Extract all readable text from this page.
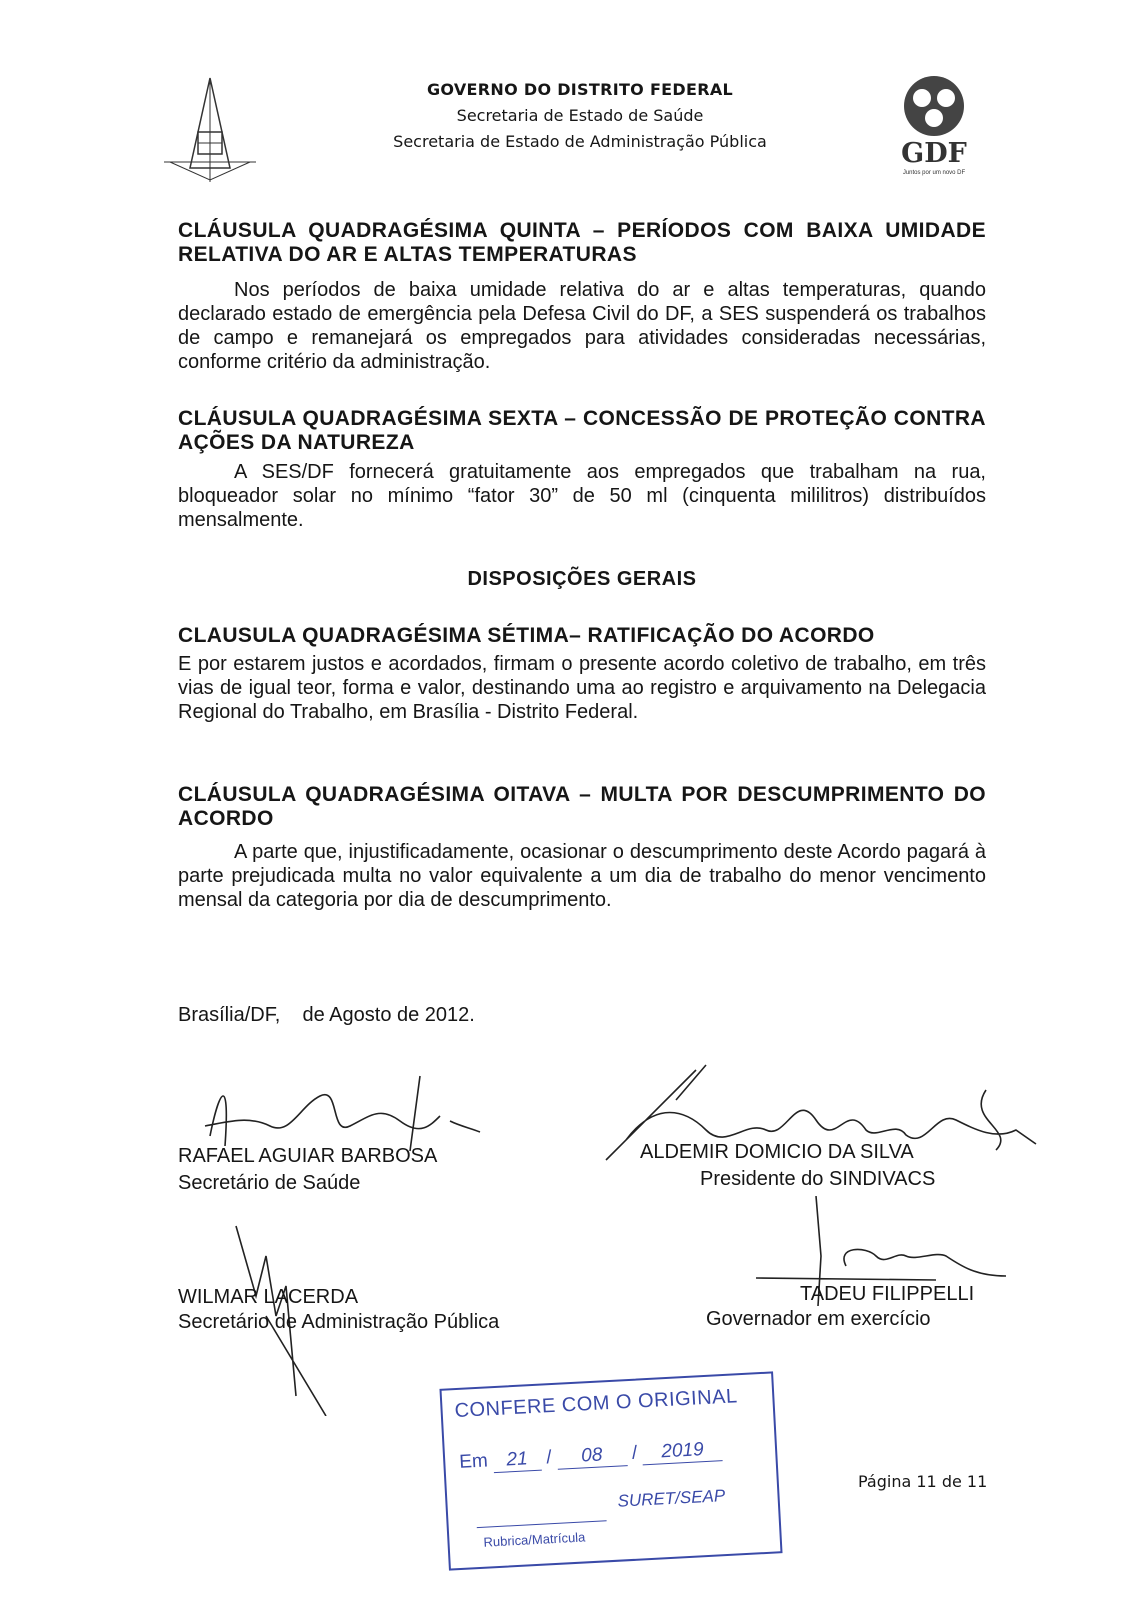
GOVERNO DO DISTRITO FEDERAL
Secretaria de Estado de Saúde
Secretaria de Estado de Administração Pública	GDF
Juntos por um novo DF
CLÁUSULA QUADRAGÉSIMA QUINTA – PERÍODOS COM BAIXA UMIDADE RELATIVA DO AR E ALTAS TEMPERATURAS
Nos períodos de baixa umidade relativa do ar e altas temperaturas, quando declarado estado de emergência pela Defesa Civil do DF, a SES suspenderá os trabalhos de campo e remanejará os empregados para atividades consideradas necessárias, conforme critério da administração.
CLÁUSULA QUADRAGÉSIMA SEXTA – CONCESSÃO DE PROTEÇÃO CONTRA AÇÕES DA NATUREZA
A SES/DF fornecerá gratuitamente aos empregados que trabalham na rua, bloqueador solar no mínimo “fator 30” de 50 ml (cinquenta mililitros) distribuídos mensalmente.
DISPOSIÇÕES GERAIS
CLAUSULA QUADRAGÉSIMA SÉTIMA– RATIFICAÇÃO DO ACORDO
E por estarem justos e acordados, firmam o presente acordo coletivo de trabalho, em três vias de igual teor, forma e valor, destinando uma ao registro e arquivamento na Delegacia Regional do Trabalho, em Brasília - Distrito Federal.
CLÁUSULA QUADRAGÉSIMA OITAVA – MULTA POR DESCUMPRIMENTO DO ACORDO
A parte que, injustificadamente, ocasionar o descumprimento deste Acordo pagará à parte prejudicada multa no valor equivalente a um dia de trabalho do menor vencimento mensal da categoria por dia de descumprimento.
Brasília/DF,    de Agosto de 2012.
RAFAEL AGUIAR BARBOSA
Secretário de Saúde
ALDEMIR DOMICIO DA SILVA
Presidente do SINDIVACS
WILMAR LACERDA
Secretário de Administração Pública
TADEU FILIPPELLI
Governador em exercício
CONFERE COM O ORIGINAL
Em 21 / 08 / 2019
SURET/SEAP
Rubrica/Matrícula
Página 11 de 11
